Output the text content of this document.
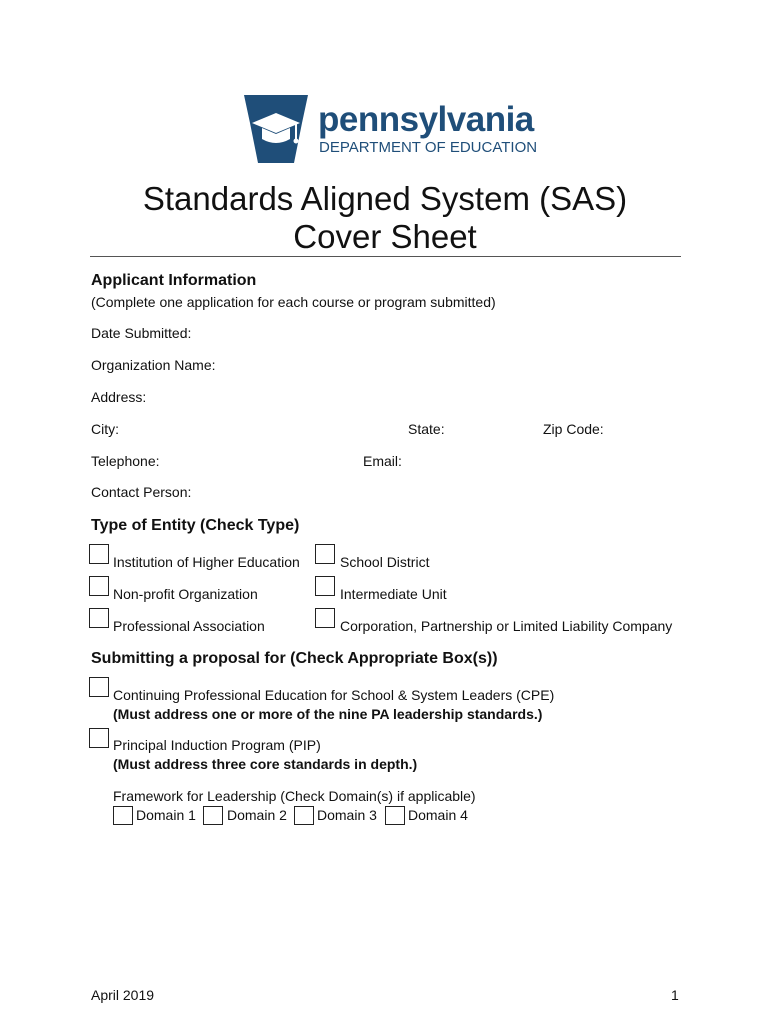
pennsylvania
DEPARTMENT OF EDUCATION
Standards Aligned System (SAS)
Cover Sheet
Applicant Information
(Complete one application for each course or program submitted)
Date Submitted:
Organization Name:
Address:
City:	State:	Zip Code:
Telephone:	Email:
Contact Person:
Type of Entity (Check Type)
Institution of Higher Education	School District
Non-profit Organization	Intermediate Unit
Professional Association	Corporation, Partnership or Limited Liability Company
Submitting a proposal for (Check Appropriate Box(s))
Continuing Professional Education for School & System Leaders (CPE)
(Must address one or more of the nine PA leadership standards.)
Principal Induction Program (PIP)
(Must address three core standards in depth.)
Framework for Leadership (Check Domain(s) if applicable)
Domain 1 Domain 2 Domain 3 Domain 4
April 2019	1
